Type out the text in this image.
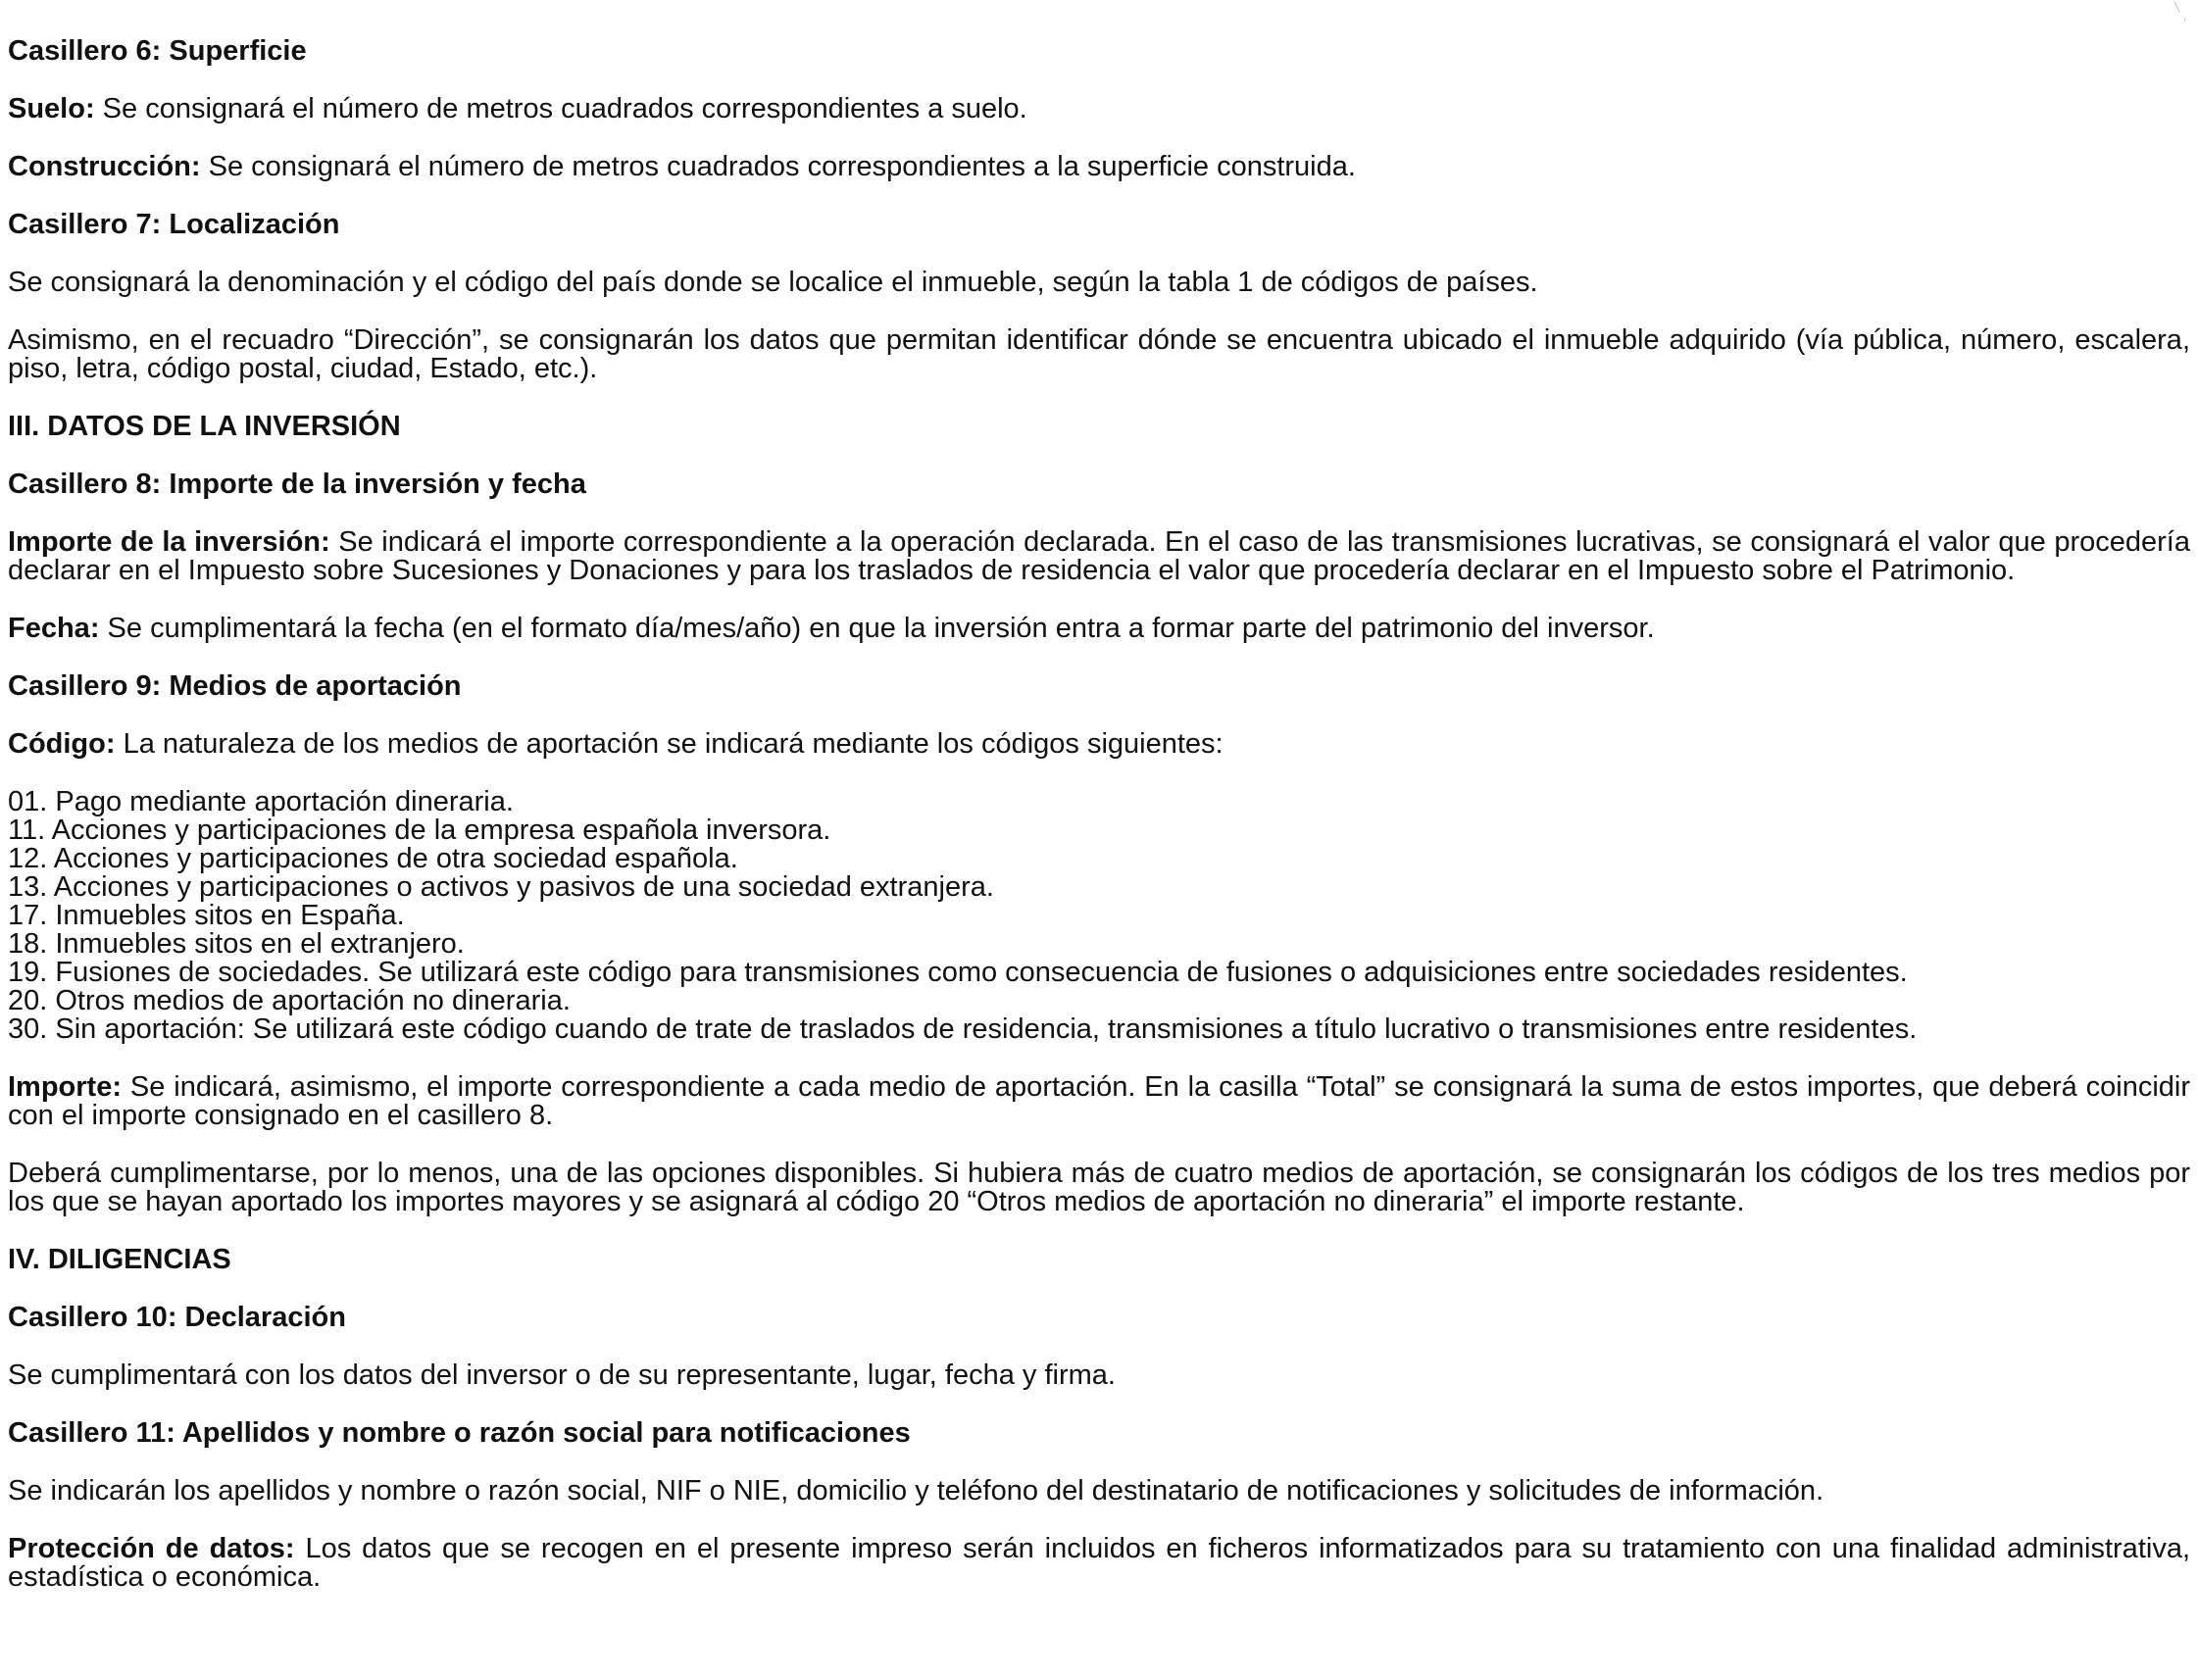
Casillero 6: Superficie
Suelo: Se consignará el número de metros cuadrados correspondientes a suelo.
Construcción: Se consignará el número de metros cuadrados correspondientes a la superficie construida.
Casillero 7: Localización
Se consignará la denominación y el código del país donde se localice el inmueble, según la tabla 1 de códigos de países.
Asimismo, en el recuadro “Dirección”, se consignarán los datos que permitan identificar dónde se encuentra ubicado el inmueble adquirido (vía pública, número, escalera, piso, letra, código postal, ciudad, Estado, etc.).
III. DATOS DE LA INVERSIÓN
Casillero 8: Importe de la inversión y fecha
Importe de la inversión: Se indicará el importe correspondiente a la operación declarada. En el caso de las transmisiones lucrativas, se consignará el valor que procedería declarar en el Impuesto sobre Sucesiones y Donaciones y para los traslados de residencia el valor que procedería declarar en el Impuesto sobre el Patrimonio.
Fecha: Se cumplimentará la fecha (en el formato día/mes/año) en que la inversión entra a formar parte del patrimonio del inversor.
Casillero 9: Medios de aportación
Código: La naturaleza de los medios de aportación se indicará mediante los códigos siguientes:
01. Pago mediante aportación dineraria.
11. Acciones y participaciones de la empresa española inversora.
12. Acciones y participaciones de otra sociedad española.
13. Acciones y participaciones o activos y pasivos de una sociedad extranjera.
17. Inmuebles sitos en España.
18. Inmuebles sitos en el extranjero.
19. Fusiones de sociedades. Se utilizará este código para transmisiones como consecuencia de fusiones o adquisiciones entre sociedades residentes.
20. Otros medios de aportación no dineraria.
30. Sin aportación: Se utilizará este código cuando de trate de traslados de residencia, transmisiones a título lucrativo o transmisiones entre residentes.
Importe: Se indicará, asimismo, el importe correspondiente a cada medio de aportación. En la casilla “Total” se consignará la suma de estos importes, que deberá coincidir con el importe consignado en el casillero 8.
Deberá cumplimentarse, por lo menos, una de las opciones disponibles. Si hubiera más de cuatro medios de aportación, se consignarán los códigos de los tres medios por los que se hayan aportado los importes mayores y se asignará al código 20 “Otros medios de aportación no dineraria” el importe restante.
IV. DILIGENCIAS
Casillero 10: Declaración
Se cumplimentará con los datos del inversor o de su representante, lugar, fecha y firma.
Casillero 11: Apellidos y nombre o razón social para notificaciones
Se indicarán los apellidos y nombre o razón social, NIF o NIE, domicilio y teléfono del destinatario de notificaciones y solicitudes de información.
Protección de datos: Los datos que se recogen en el presente impreso serán incluidos en ficheros informatizados para su tratamiento con una finalidad administrativa, estadística o económica.
